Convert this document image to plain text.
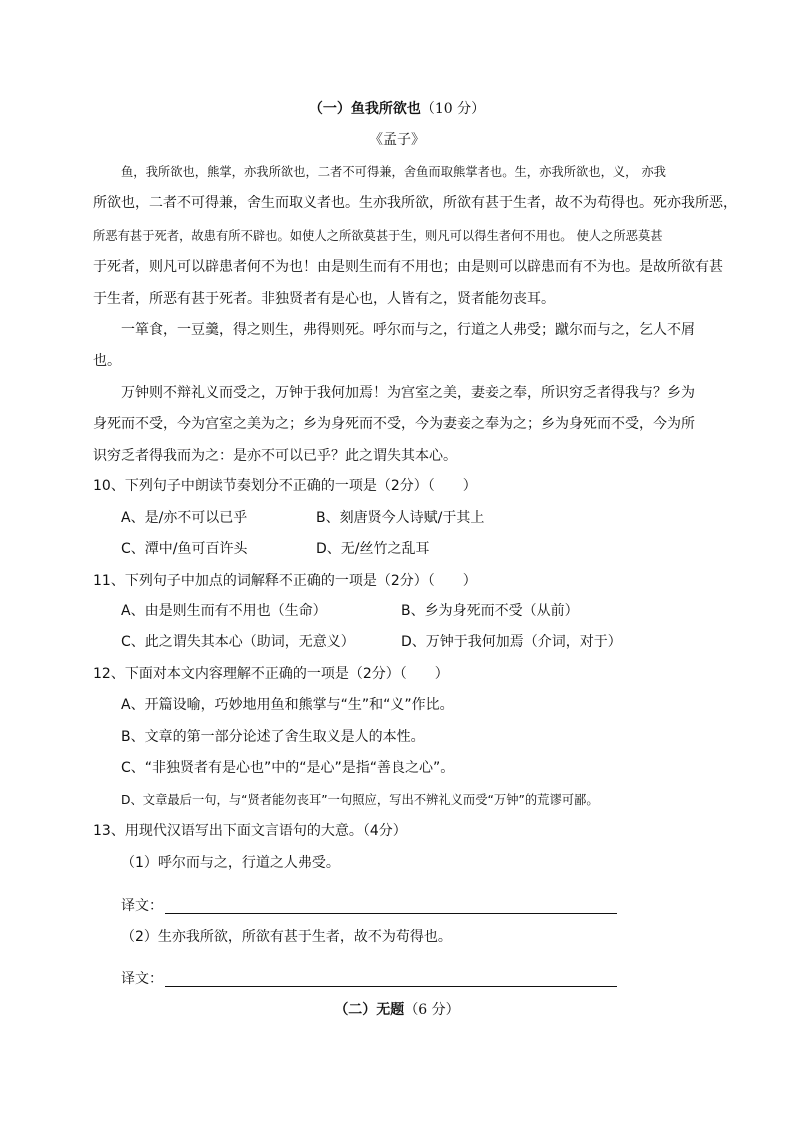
（一）鱼我所欲也（10 分）
《孟子》
鱼，我所欲也，熊掌，亦我所欲也，二者不可得兼，舍鱼而取熊掌者也。生，亦我所欲也，义， 亦我
所欲也，二者不可得兼，舍生而取义者也。生亦我所欲，所欲有甚于生者，故不为苟得也。死亦我所恶，
所恶有甚于死者，故患有所不辟也。如使人之所欲莫甚于生，则凡可以得生者何不用也。 使人之所恶莫甚
于死者，则凡可以辟患者何不为也！由是则生而有不用也；由是则可以辟患而有不为也。是故所欲有甚
于生者，所恶有甚于死者。非独贤者有是心也，人皆有之，贤者能勿丧耳。
一箪食，一豆羹，得之则生，弗得则死。呼尔而与之，行道之人弗受；蹴尔而与之，乞人不屑
也。
万钟则不辩礼义而受之，万钟于我何加焉！为宫室之美，妻妾之奉，所识穷乏者得我与？乡为
身死而不受，今为宫室之美为之；乡为身死而不受，今为妻妾之奉为之；乡为身死而不受，今为所
识穷乏者得我而为之：是亦不可以已乎？此之谓失其本心。
10、下列句子中朗读节奏划分不正确的一项是（2分）（　　）
A、是/亦不可以已乎	B、刻唐贤今人诗赋/于其上
C、潭中/鱼可百许头	D、无/丝竹之乱耳
11、下列句子中加点的词解释不正确的一项是（2分）（　　）
A、由是则生而有不用也（生命）	B、乡为身死而不受（从前）
C、此之谓失其本心（助词，无意义）	D、万钟于我何加焉（介词，对于）
12、下面对本文内容理解不正确的一项是（2分）（　　）
A、开篇设喻，巧妙地用鱼和熊掌与“生”和“义”作比。
B、文章的第一部分论述了舍生取义是人的本性。
C、“非独贤者有是心也”中的“是心”是指“善良之心”。
D、文章最后一句，与“贤者能勿丧耳”一句照应，写出不辨礼义而受“万钟”的荒谬可鄙。
13、用现代汉语写出下面文言语句的大意。（4分）
（1）呼尔而与之，行道之人弗受。
译文：
（2）生亦我所欲，所欲有甚于生者，故不为苟得也。
译文：
（二）无题（6 分）
